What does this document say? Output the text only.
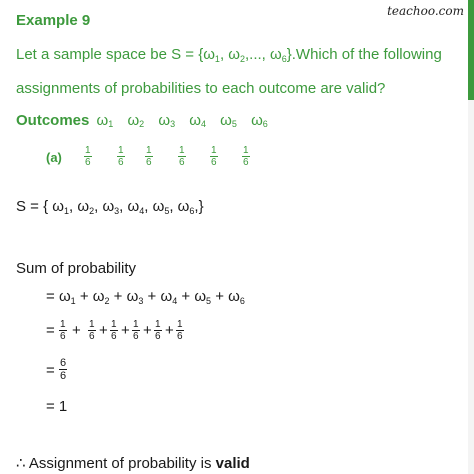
teachoo.com
Example 9
Let a sample space be $S = \{\omega_1$, $\omega_2$,..., $\omega_6\}.Which$ of the following
assignments of probabilities to each outcome are valid?
Outcomes ω1 ω2 ω3 ω4 ω5 ω6
$(a) \frac{1}{6}$	$\frac{1}{6} \frac{1}{6}$	$\frac{1}{6} \frac{1}{6} \frac{1}{6}$
S = { $\omega_1$, $\omega_2$, $\omega_3$, $\omega_4$, $\omega_5$, $\omega_6$,}
Sum of probability
= $\omega_1 + \omega_2 + \omega_3 + \omega_4 + \omega_5 + \omega_6$
= $\frac{1}{6} + \frac{1}{6} + \frac{1}{6} + \frac{1}{6} + \frac{1}{6} + \frac{1}{6}$
= $\frac{6}{6}$
= 1
∴ Assignment of probability is valid
